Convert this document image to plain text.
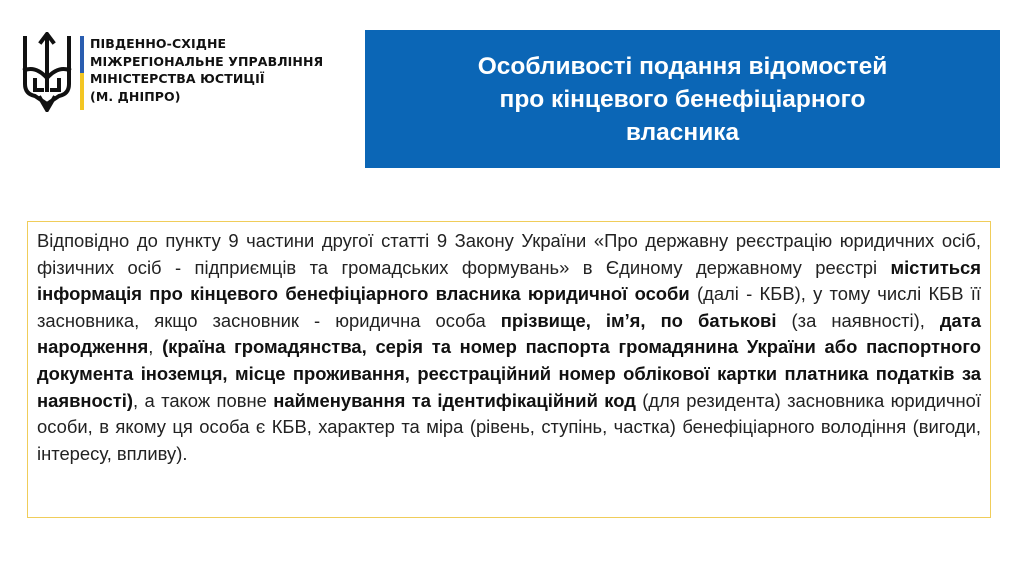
ПІВДЕННО-СХІДНЕ
МІЖРЕГІОНАЛЬНЕ УПРАВЛІННЯ
МІНІСТЕРСТВА ЮСТИЦІЇ
(М. ДНІПРО)
Особливості подання відомостей
про кінцевого бенефіціарного
власника
Відповідно до пункту 9 частини другої статті 9 Закону України «Про державну реєстрацію юридичних осіб, фізичних осіб - підприємців та громадських формувань» в Єдиному державному реєстрі міститься інформація про кінцевого бенефіціарного власника юридичної особи (далі - КБВ), у тому числі КБВ її засновника, якщо засновник - юридична особа прізвище, ім’я, по батькові (за наявності), дата народження, (країна громадянства, серія та номер паспорта громадянина України або паспортного документа іноземця, місце проживання, реєстраційний номер облікової картки платника податків за наявності), а також повне найменування та ідентифікаційний код (для резидента) засновника юридичної особи, в якому ця особа є КБВ, характер та міра (рівень, ступінь, частка) бенефіціарного володіння (вигоди, інтересу, впливу).
